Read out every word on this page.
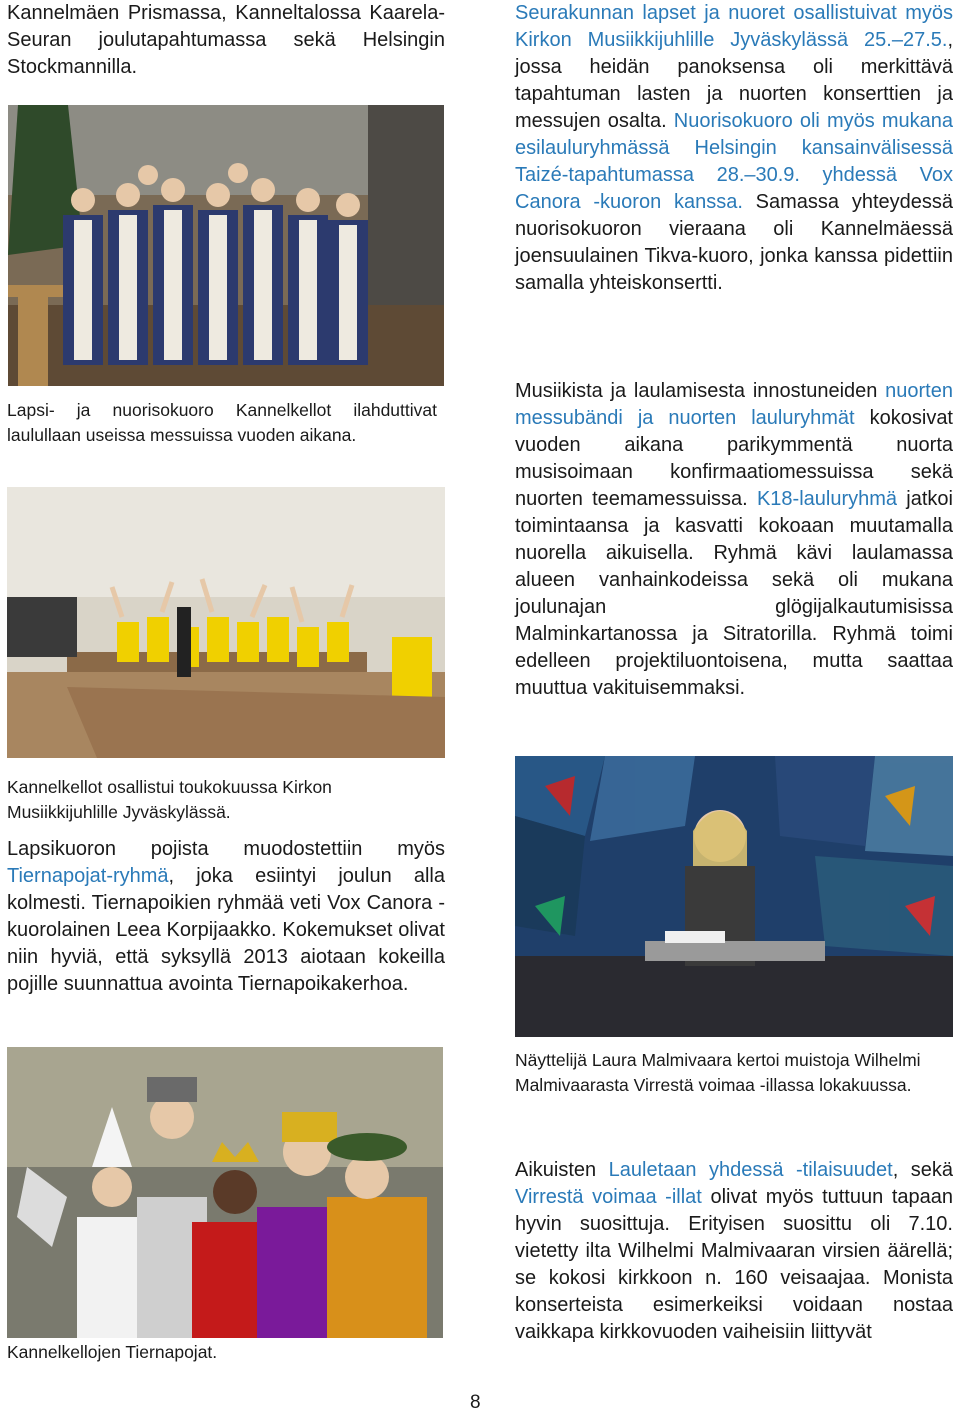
Kannelmäen Prismassa, Kanneltalossa Kaarela-Seuran joulutapahtumassa sekä Helsingin Stockmannilla.

Lapsi- ja nuorisokuoro Kannelkellot ilahduttivat laulullaan useissa messuissa vuoden aikana.

Kannelkellot osallistui toukokuussa Kirkon Musiikkijuhlille Jyväskylässä.

Lapsikuoron pojista muodostettiin myös Tiernapojat-ryhmä, joka esiintyi joulun alla kolmesti. Tiernapoikien ryhmää veti Vox Canora -kuorolainen Leea Korpijaakko. Kokemukset olivat niin hyviä, että syksyllä 2013 aiotaan kokeilla pojille suunnattua avointa Tiernapoikakerhoa.

Kannelkellojen Tiernapojat.

Seurakunnan lapset ja nuoret osallistuivat myös Kirkon Musiikkijuhlille Jyväskylässä 25.–27.5., jossa heidän panoksensa oli merkittävä tapahtuman lasten ja nuorten konserttien ja messujen osalta. Nuorisokuoro oli myös mukana esilauluryhmässä Helsingin kansainvälisessä Taizé-tapahtumassa 28.–30.9. yhdessä Vox Canora -kuoron kanssa. Samassa yhteydessä nuorisokuoron vieraana oli Kannelmäessä joensuulainen Tikva-kuoro, jonka kanssa pidettiin samalla yhteiskonsertti.

Musiikista ja laulamisesta innostuneiden nuorten messubändi ja nuorten lauluryhmät kokosivat vuoden aikana parikymmentä nuorta musisoimaan konfirmaatiomessuissa sekä nuorten teemamessuissa. K18-lauluryhmä jatkoi toimintaansa ja kasvatti kokoaan muutamalla nuorella aikuisella. Ryhmä kävi laulamassa alueen vanhainkodeissa sekä oli mukana joulunajan glögijalkautumisissa Malminkartanossa ja Sitratorilla. Ryhmä toimi edelleen projektiluontoisena, mutta saattaa muuttua vakituisemmaksi.

Näyttelijä Laura Malmivaara kertoi muistoja Wilhelmi Malmivaarasta Virrestä voimaa -illassa lokakuussa.

Aikuisten Lauletaan yhdessä -tilaisuudet, sekä Virrestä voimaa -illat olivat myös tuttuun tapaan hyvin suosittuja. Erityisen suosittu oli 7.10. vietetty ilta Wilhelmi Malmivaaran virsien äärellä; se kokosi kirkkoon n. 160 veisaajaa. Monista konserteista esimerkeiksi voidaan nostaa vaikkapa kirkkovuoden vaiheisiin liittyvät

8
